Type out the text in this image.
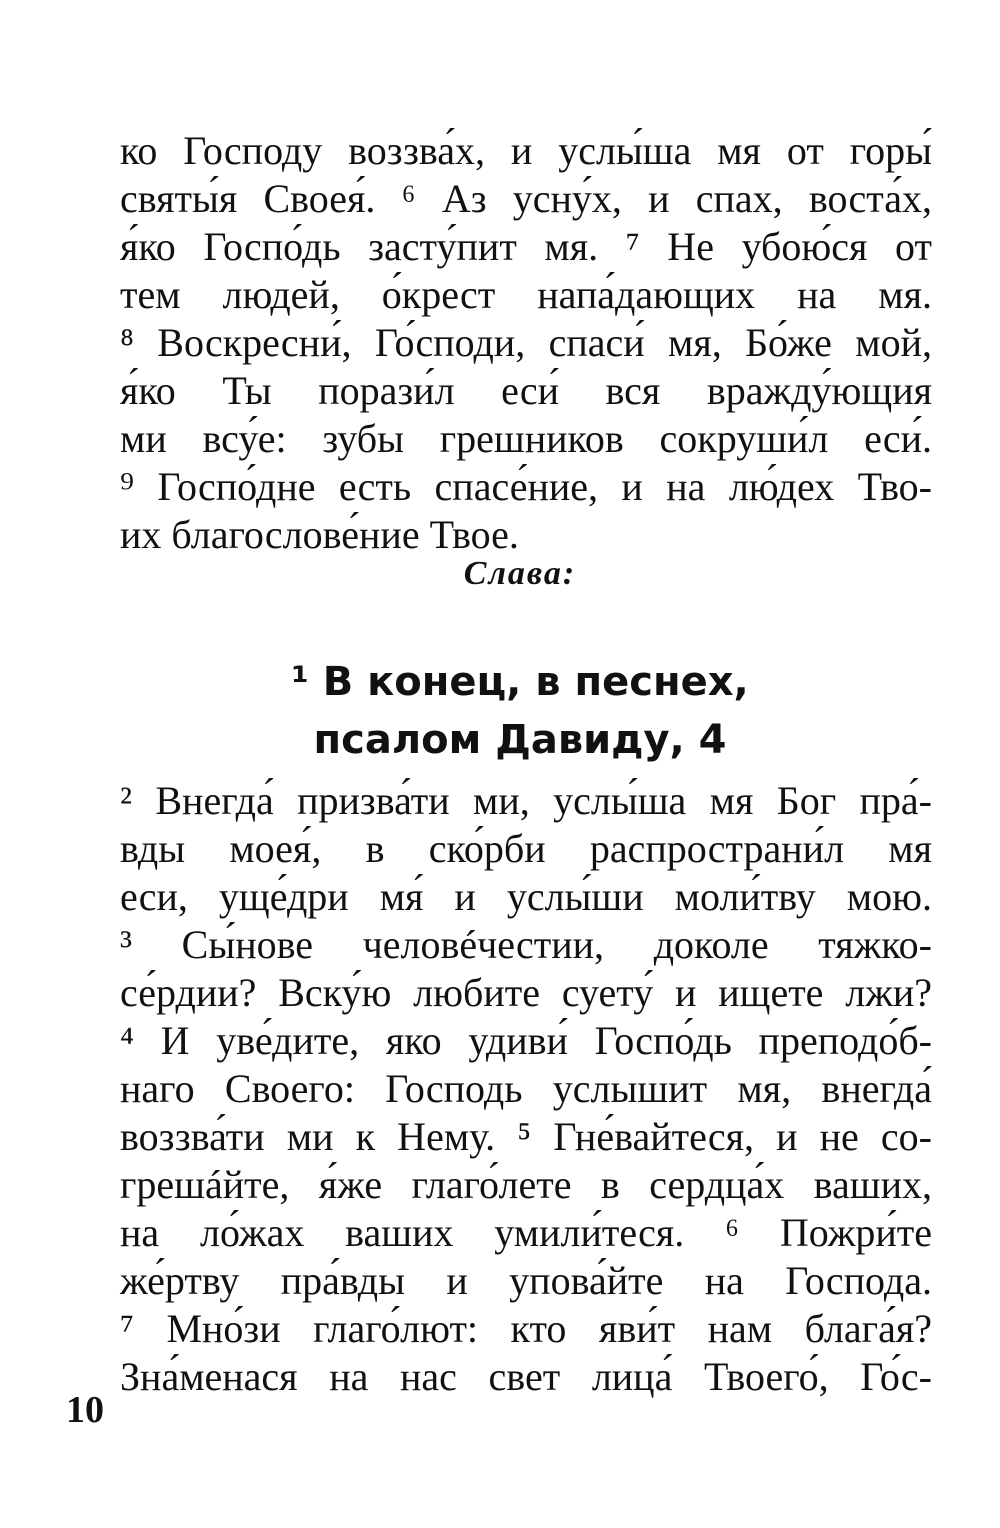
ко Господу воззва́х, и услы́ша мя от горы́
святы́я Своея́. ⁶ Аз усну́х, и спах, воста́х,
я́ко Госпо́дь засту́пит мя. ⁷ Не убою́ся от
тем людей, о́крест напа́дающих на мя.
⁸ Воскресни́, Го́споди, спаси́ мя, Бо́же мой,
я́ко Ты порази́л еси́ вся вражду́ющия
ми всу́е: зубы грешников сокруши́л еси́.
⁹ Госпо́дне есть спасе́ние, и на лю́дех Тво-
их благослове́ние Твое.
Слава:
¹ В конец, в песнех,
псалом Давиду, 4
² Внегда́ призва́ти ми, услы́ша мя Бог пра́-
вды моея́, в ско́рби распространи́л мя
еси, уще́дри мя́ и услы́ши моли́тву мою.
³ Сы́нове человéчестии, доколе тяжко-
се́рдии? Вску́ю любите суету́ и ищете лжи?
⁴ И уве́дите, яко удиви́ Госпо́дь преподо́б-
наго Своего: Господь услышит мя, внегда́
воззва́ти ми к Нему. ⁵ Гне́вайтеся, и не со-
грешáйте, я́же глаго́лете в сердца́х ваших,
на ло́жах ваших умили́теся. ⁶ Пожри́те
же́ртву пра́вды и упова́йте на Господа.
⁷ Мно́зи глаго́лют: кто яви́т нам блага́я?
Зна́менася на нас свет лица́ Твоего́, Го́с-
10
